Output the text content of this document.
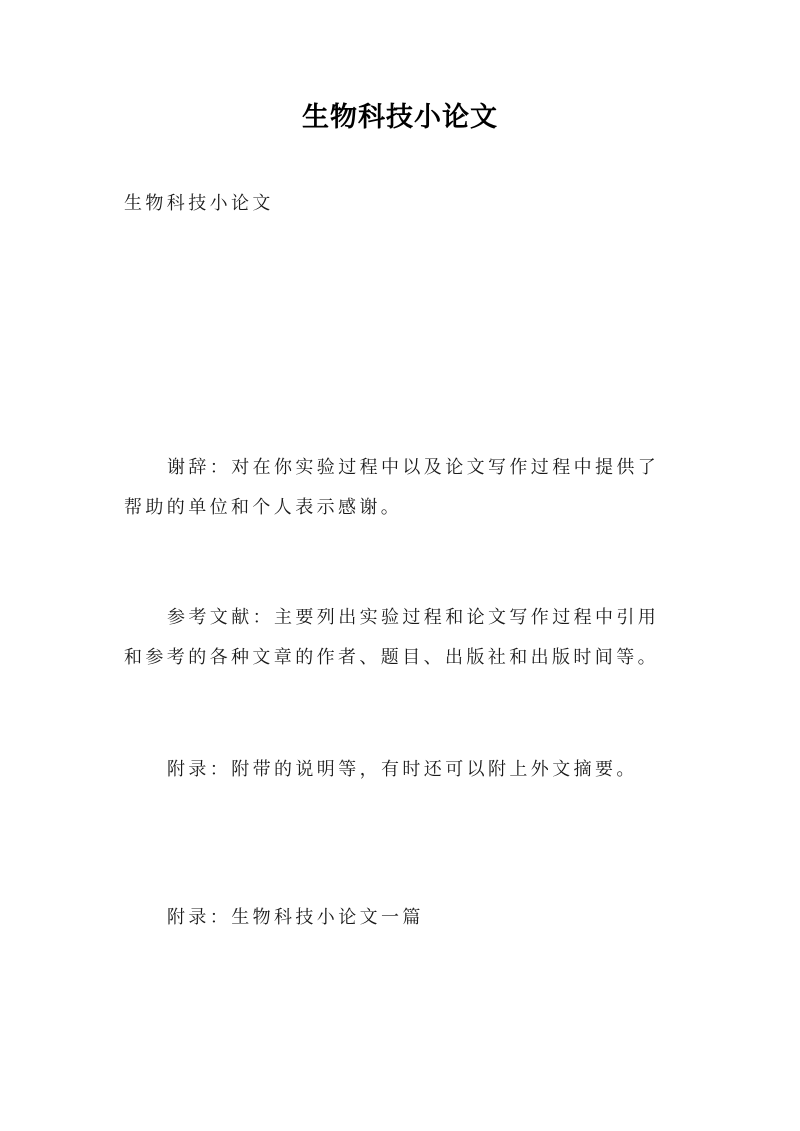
生物科技小论文

生物科技小论文

谢辞：对在你实验过程中以及论文写作过程中提供了帮助的单位和个人表示感谢。

参考文献：主要列出实验过程和论文写作过程中引用和参考的各种文章的作者、题目、出版社和出版时间等。

附录：附带的说明等，有时还可以附上外文摘要。

附录：生物科技小论文一篇
